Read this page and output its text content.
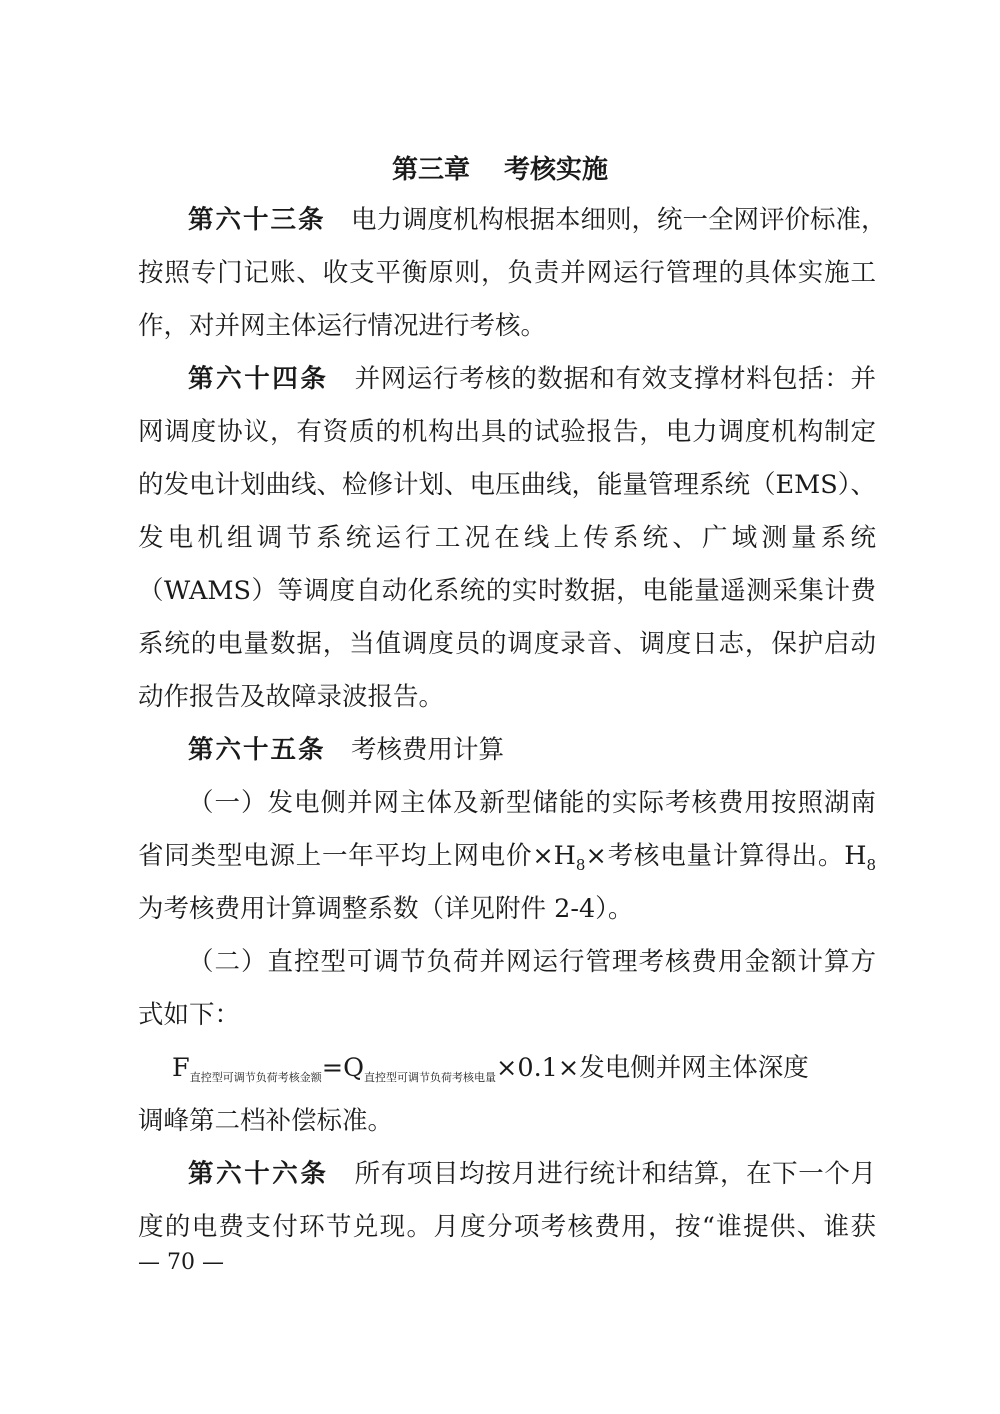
第三章 考核实施
第六十三条　 电力调度机构根据本细则，统一全网评价标准，
按照专门记账、收支平衡原则，负责并网运行管理的具体实施工
作，对并网主体运行情况进行考核。
第六十四条　 并网运行考核的数据和有效支撑材料包括：并
网调度协议，有资质的机构出具的试验报告，电力调度机构制定
的发电计划曲线、检修计划、电压曲线，能量管理系统（EMS）、
发电机组调节系统运行工况在线上传系统、广域测量系统
（WAMS）等调度自动化系统的实时数据，电能量遥测采集计费
系统的电量数据，当值调度员的调度录音、调度日志，保护启动
动作报告及故障录波报告。
第六十五条　 考核费用计算
（一）发电侧并网主体及新型储能的实际考核费用按照湖南
省同类型电源上一年平均上网电价$\times H_8\times$考核电量计算得出。$H_8$
为考核费用计算调整系数（详见附件 2-4）。
（二）直控型可调节负荷并网运行管理考核费用金额计算方
式如下：
$F_{直控型可调节负荷考核金额}=Q_{直控型可调节负荷考核电量}\times 0.1\times$发电侧并网主体深度
调峰第二档补偿标准。
第六十六条　 所有项目均按月进行统计和结算，在下一个月
度的电费支付环节兑现。月度分项考核费用，按“谁提供、谁获
— 70 —
